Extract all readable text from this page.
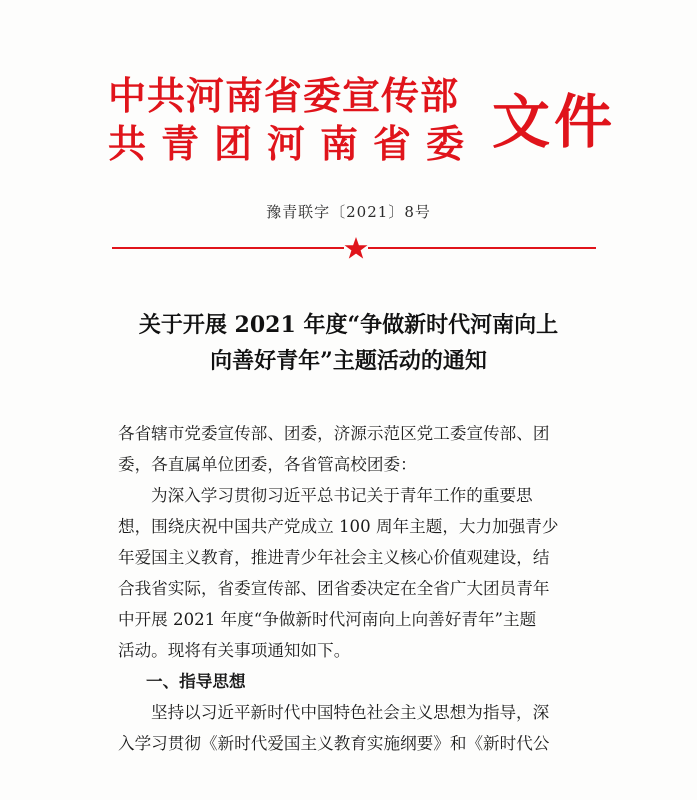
中共河南省委宣传部
共青团河南省委 文件
豫青联字〔2021〕8号
关于开展 2021 年度“争做新时代河南向上
向善好青年”主题活动的通知
各省辖市党委宣传部、团委，济源示范区党工委宣传部、团
委，各直属单位团委，各省管高校团委：
为深入学习贯彻习近平总书记关于青年工作的重要思
想，围绕庆祝中国共产党成立 100 周年主题，大力加强青少
年爱国主义教育，推进青少年社会主义核心价值观建设，结
合我省实际，省委宣传部、团省委决定在全省广大团员青年
中开展 2021 年度“争做新时代河南向上向善好青年”主题
活动。现将有关事项通知如下。
一、指导思想
坚持以习近平新时代中国特色社会主义思想为指导，深
入学习贯彻《新时代爱国主义教育实施纲要》和《新时代公
